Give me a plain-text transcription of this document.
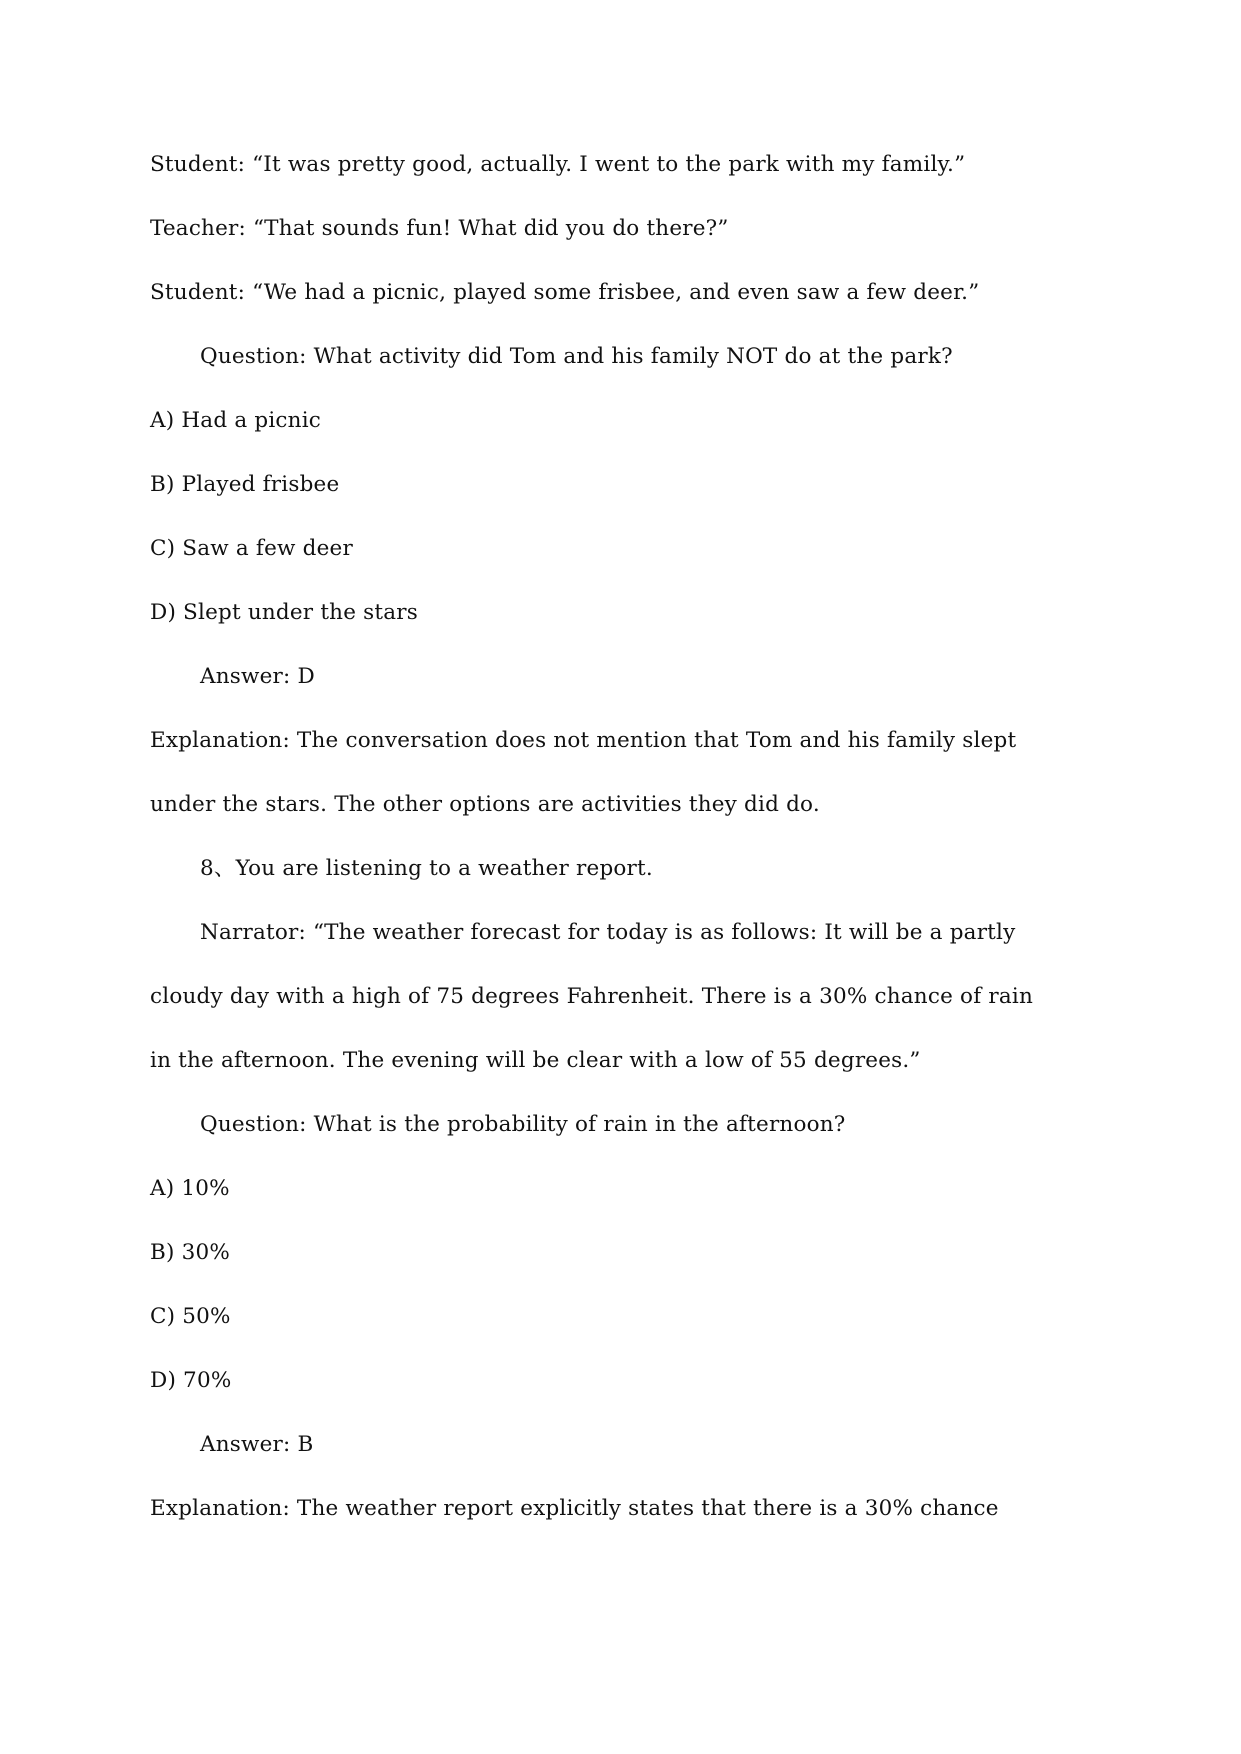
Student: “It was pretty good, actually. I went to the park with my family.”
Teacher: “That sounds fun! What did you do there?”
Student: “We had a picnic, played some frisbee, and even saw a few deer.”
Question: What activity did Tom and his family NOT do at the park?
A) Had a picnic
B) Played frisbee
C) Saw a few deer
D) Slept under the stars
Answer: D
Explanation: The conversation does not mention that Tom and his family slept
under the stars. The other options are activities they did do.
8、You are listening to a weather report.
Narrator: “The weather forecast for today is as follows: It will be a partly
cloudy day with a high of 75 degrees Fahrenheit. There is a 30% chance of rain
in the afternoon. The evening will be clear with a low of 55 degrees.”
Question: What is the probability of rain in the afternoon?
A) 10%
B) 30%
C) 50%
D) 70%
Answer: B
Explanation: The weather report explicitly states that there is a 30% chance
